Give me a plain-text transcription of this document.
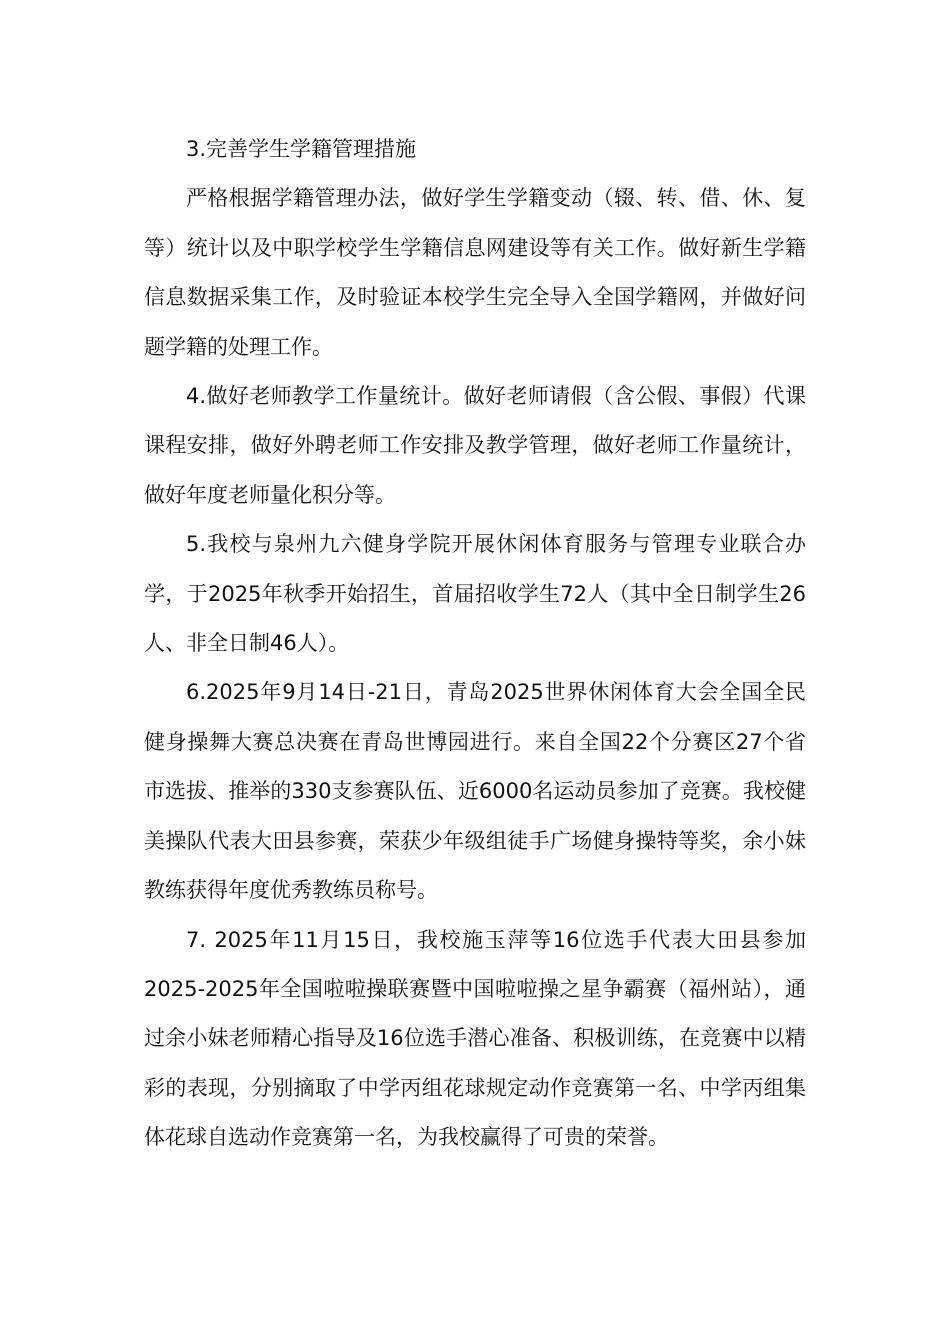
3.完善学生学籍管理措施

严格根据学籍管理办法，做好学生学籍变动（辍、转、借、休、复等）统计以及中职学校学生学籍信息网建设等有关工作。做好新生学籍信息数据采集工作，及时验证本校学生完全导入全国学籍网，并做好问题学籍的处理工作。

4.做好老师教学工作量统计。做好老师请假（含公假、事假）代课课程安排，做好外聘老师工作安排及教学管理，做好老师工作量统计，做好年度老师量化积分等。

5.我校与泉州九六健身学院开展休闲体育服务与管理专业联合办学，于2025年秋季开始招生，首届招收学生72人（其中全日制学生26人、非全日制46人）。

6.2025年9月14日-21日，青岛2025世界休闲体育大会全国全民健身操舞大赛总决赛在青岛世博园进行。来自全国22个分赛区27个省市选拔、推举的330支参赛队伍、近6000名运动员参加了竞赛。我校健美操队代表大田县参赛，荣获少年级组徒手广场健身操特等奖，余小妹教练获得年度优秀教练员称号。

7. 2025年11月15日，我校施玉萍等16位选手代表大田县参加2025-2025年全国啦啦操联赛暨中国啦啦操之星争霸赛（福州站），通过余小妹老师精心指导及16位选手潜心准备、积极训练，在竞赛中以精彩的表现，分别摘取了中学丙组花球规定动作竞赛第一名、中学丙组集体花球自选动作竞赛第一名，为我校赢得了可贵的荣誉。
